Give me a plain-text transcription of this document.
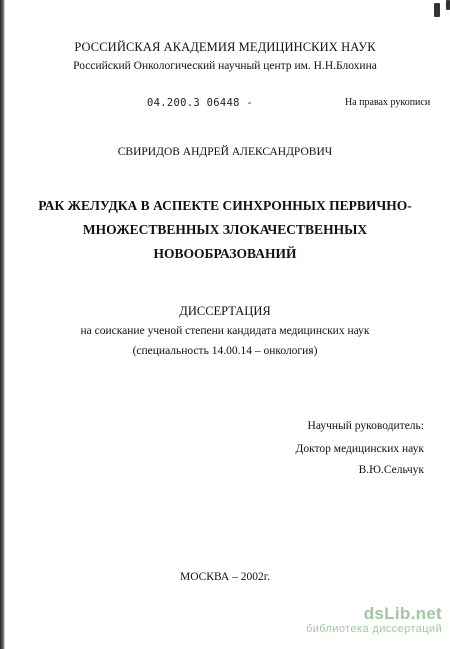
РОССИЙСКАЯ АКАДЕМИЯ МЕДИЦИНСКИХ НАУК
Российский Онкологический научный центр им. Н.Н.Блохина
04.200.3 06448 -	На правах рукописи
СВИРИДОВ АНДРЕЙ АЛЕКСАНДРОВИЧ
РАК ЖЕЛУДКА В АСПЕКТЕ СИНХРОННЫХ ПЕРВИЧНО-
МНОЖЕСТВЕННЫХ ЗЛОКАЧЕСТВЕННЫХ
НОВООБРАЗОВАНИЙ
ДИССЕРТАЦИЯ
на соискание ученой степени кандидата медицинских наук
(специальность 14.00.14 – онкология)
Научный руководитель:
Доктор медицинских наук
В.Ю.Сельчук
МОСКВА – 2002г.
dsLib.net
библиотека диссертаций
